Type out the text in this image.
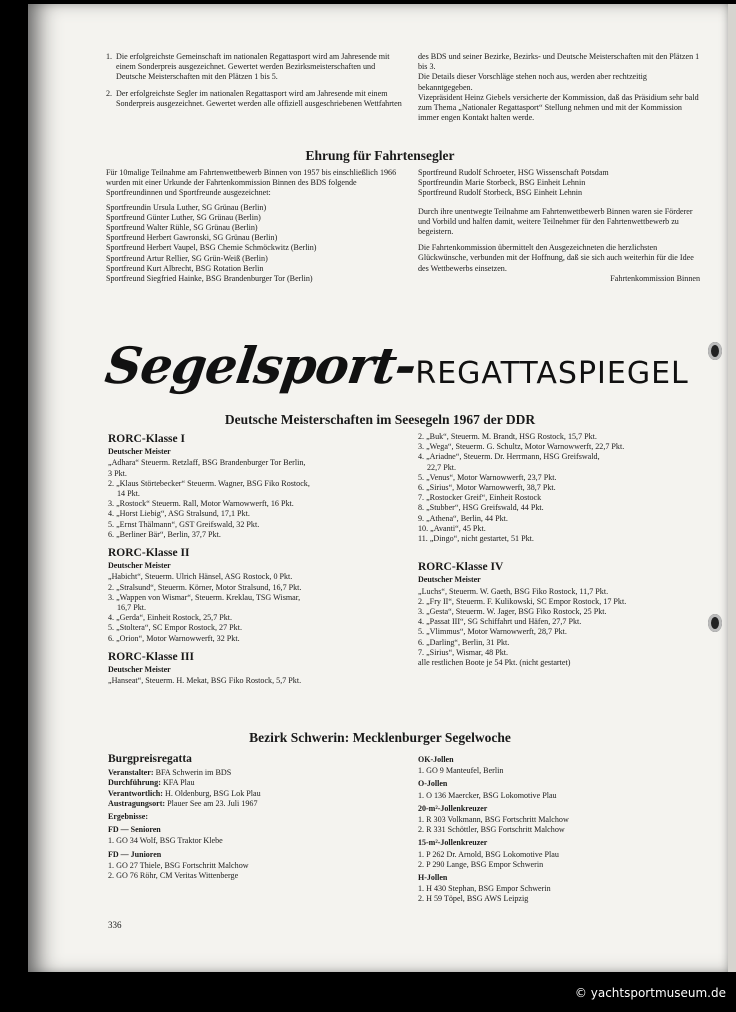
1. Die erfolgreichste Gemeinschaft im nationalen Regattasport wird am Jahresende mit einem Sonderpreis ausgezeichnet. Gewertet werden Bezirksmeisterschaften und Deutsche Meisterschaften mit den Plätzen 1 bis 5.
2. Der erfolgreichste Segler im nationalen Regattasport wird am Jahresende mit einem Sonderpreis ausgezeichnet. Gewertet werden alle offiziell ausgeschriebenen Wettfahrten

des BDS und seiner Bezirke, Bezirks- und Deutsche Meisterschaften mit den Plätzen 1 bis 3.

Die Details dieser Vorschläge stehen noch aus, werden aber rechtzeitig bekanntgegeben.

Vizepräsident Heinz Giebels versicherte der Kommission, daß das Präsidium sehr bald zum Thema „Nationaler Regattasport“ Stellung nehmen und mit der Kommission immer engen Kontakt halten werde.

Ehrung für Fahrtensegler

Für 10malige Teilnahme am Fahrtenwettbewerb Binnen von 1957 bis einschließlich 1966 wurden mit einer Urkunde der Fahrtenkommission Binnen des BDS folgende Sportfreundinnen und Sportfreunde ausgezeichnet:

Sportfreundin Ursula Luther, SG Grünau (Berlin)

Sportfreund Günter Luther, SG Grünau (Berlin)

Sportfreund Walter Rühle, SG Grünau (Berlin)

Sportfreund Herbert Gawronski, SG Grünau (Berlin)

Sportfreund Herbert Vaupel, BSG Chemie Schmöckwitz (Berlin)

Sportfreund Artur Rellier, SG Grün-Weiß (Berlin)

Sportfreund Kurt Albrecht, BSG Rotation Berlin

Sportfreund Siegfried Hainke, BSG Brandenburger Tor (Berlin)

Sportfreund Rudolf Schroeter, HSG Wissenschaft Potsdam

Sportfreundin Marie Storbeck, BSG Einheit Lehnin

Sportfreund Rudolf Storbeck, BSG Einheit Lehnin

Durch ihre unentwegte Teilnahme am Fahrtenwettbewerb Binnen waren sie Förderer und Vorbild und halfen damit, weitere Teilnehmer für den Fahrtenwettbewerb zu begeistern.

Die Fahrtenkommission übermittelt den Ausgezeichneten die herzlichsten Glückwünsche, verbunden mit der Hoffnung, daß sie sich auch weiterhin für die Idee des Wettbewerbs einsetzen.

Fahrtenkommission Binnen

Segelsport-REGATTASPIEGEL
Deutsche Meisterschaften im Seesegeln 1967 der DDR
RORC-Klasse I
Deutscher Meister

„Adhara“ Steuerm. Retzlaff, BSG Brandenburger Tor Berlin,

3 Pkt.

2. „Klaus Störtebecker“ Steuerm. Wagner, BSG Fiko Rostock,

14 Pkt.

3. „Rostock“ Steuerm. Rall, Motor Warnowwerft, 16 Pkt.

4. „Horst Liebig“, ASG Stralsund, 17,1 Pkt.

5. „Ernst Thälmann“, GST Greifswald, 32 Pkt.

6. „Berliner Bär“, Berlin, 37,7 Pkt.

RORC-Klasse II
Deutscher Meister

„Habicht“, Steuerm. Ulrich Hänsel, ASG Rostock, 0 Pkt.

2. „Stralsund“, Steuerm. Körner, Motor Stralsund, 16,7 Pkt.

3. „Wappen von Wismar“, Steuerm. Kreklau, TSG Wismar,

16,7 Pkt.

4. „Gerda“, Einheit Rostock, 25,7 Pkt.

5. „Stoltera“, SC Empor Rostock, 27 Pkt.

6. „Orion“, Motor Warnowwerft, 32 Pkt.

RORC-Klasse III
Deutscher Meister

„Hanseat“, Steuerm. H. Mekat, BSG Fiko Rostock, 5,7 Pkt.

2. „Buk“, Steuerm. M. Brandt, HSG Rostock, 15,7 Pkt.

3. „Wega“, Steuerm. G. Schultz, Motor Warnowwerft, 22,7 Pkt.

4. „Ariadne“, Steuerm. Dr. Herrmann, HSG Greifswald,

22,7 Pkt.

5. „Venus“, Motor Warnowwerft, 23,7 Pkt.

6. „Sirius“, Motor Warnowwerft, 38,7 Pkt.

7. „Rostocker Greif“, Einheit Rostock

8. „Stubber“, HSG Greifswald, 44 Pkt.

9. „Athena“, Berlin, 44 Pkt.

10. „Avanti“, 45 Pkt.

11. „Dingo“, nicht gestartet, 51 Pkt.

RORC-Klasse IV
Deutscher Meister

„Luchs“, Steuerm. W. Gaeth, BSG Fiko Rostock, 11,7 Pkt.

2. „Fry II“, Steuerm. F. Kulikowski, SC Empor Rostock, 17 Pkt.

3. „Gesta“, Steuerm. W. Jager, BSG Fiko Rostock, 25 Pkt.

4. „Passat III“, SG Schiffahrt und Häfen, 27,7 Pkt.

5. „Vlimmus“, Motor Warnowwerft, 28,7 Pkt.

6. „Darling“, Berlin, 31 Pkt.

7. „Sirius“, Wismar, 48 Pkt.

alle restlichen Boote je 54 Pkt. (nicht gestartet)

Bezirk Schwerin: Mecklenburger Segelwoche
Burgpreisregatta

Veranstalter: BFA Schwerin im BDS

Durchführung: KFA Plau

Verantwortlich: H. Oldenburg, BSG Lok Plau

Austragungsort: Plauer See am 23. Juli 1967

Ergebnisse:
FD — Senioren

1. GO 34 Wolf, BSG Traktor Klebe

FD — Junioren

1. GO 27 Thiele, BSG Fortschritt Malchow

2. GO 76 Röhr, CM Veritas Wittenberge

OK-Jollen

1. GO 9 Manteufel, Berlin

O-Jollen

1. O 136 Maercker, BSG Lokomotive Plau

20-m²-Jollenkreuzer

1. R 303 Volkmann, BSG Fortschritt Malchow

2. R 331 Schöttler, BSG Fortschritt Malchow

15-m²-Jollenkreuzer

1. P 262 Dr. Arnold, BSG Lokomotive Plau

2. P 290 Lange, BSG Empor Schwerin

H-Jollen

1. H 430 Stephan, BSG Empor Schwerin

2. H 59 Töpel, BSG AWS Leipzig

336
© yachtsportmuseum.de
